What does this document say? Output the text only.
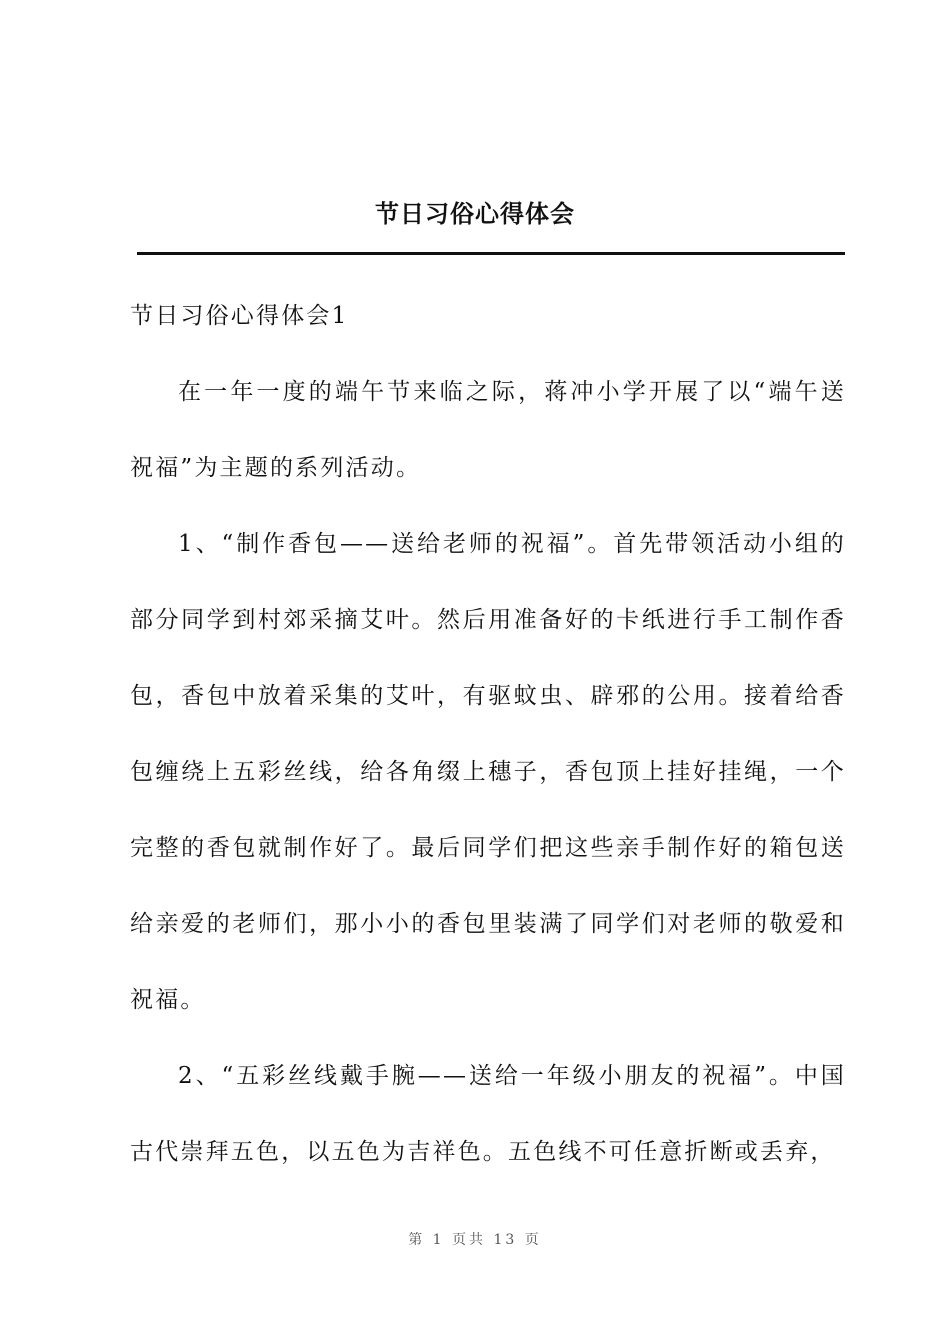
节日习俗心得体会

节日习俗心得体会1

在一年一度的端午节来临之际，蒋冲小学开展了以“端午送祝福”为主题的系列活动。

1、“制作香包——送给老师的祝福”。首先带领活动小组的部分同学到村郊采摘艾叶。然后用准备好的卡纸进行手工制作香包，香包中放着采集的艾叶，有驱蚊虫、辟邪的公用。接着给香包缠绕上五彩丝线，给各角缀上穗子，香包顶上挂好挂绳，一个完整的香包就制作好了。最后同学们把这些亲手制作好的箱包送给亲爱的老师们，那小小的香包里装满了同学们对老师的敬爱和祝福。

2、“五彩丝线戴手腕——送给一年级小朋友的祝福”。中国古代崇拜五色，以五色为吉祥色。五色线不可任意折断或丢弃，

第 1 页共 13 页
